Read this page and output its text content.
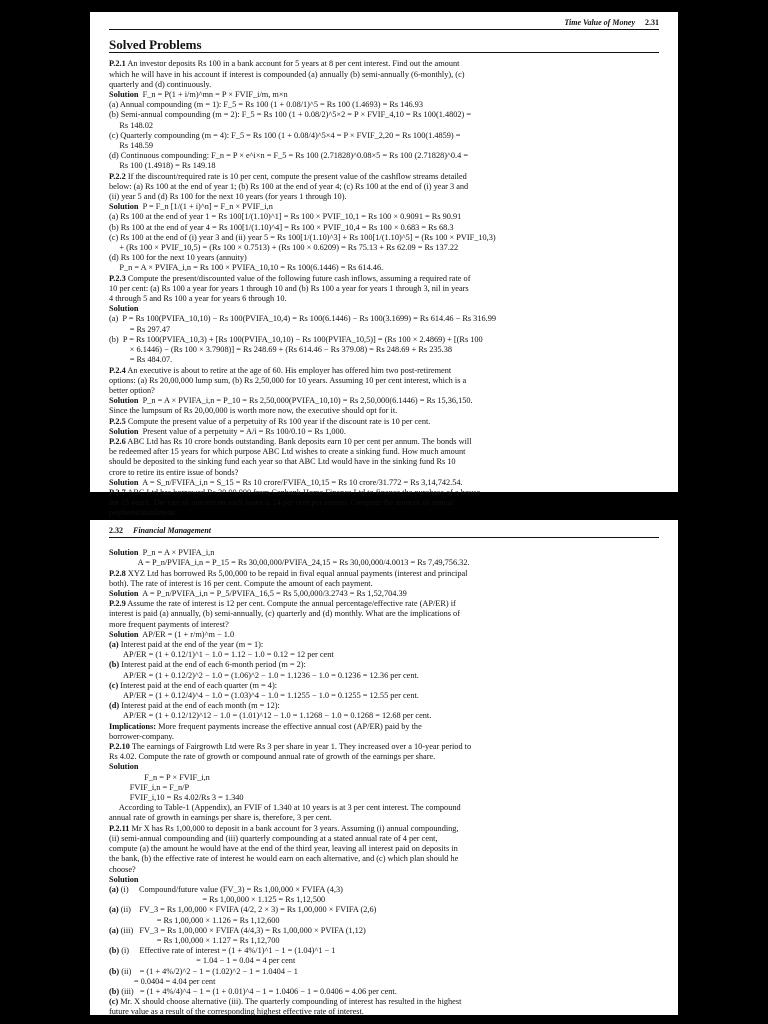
Time Value of Money 2.31
Solved Problems
P.2.1 An investor deposits Rs 100 in a bank account for 5 years at 8 per cent interest. Find out the amount
which he will have in his account if interest is compounded (a) annually (b) semi-annually (6-monthly), (c)
quarterly and (d) continuously.
Solution  F_n = P(1 + i/m)^mn = P × FVIF_i/m, m×n
(a) Annual compounding (m = 1): F_5 = Rs 100 (1 + 0.08/1)^5 = Rs 100 (1.4693) = Rs 146.93
(b) Semi-annual compounding (m = 2): F_5 = Rs 100 (1 + 0.08/2)^5×2 = P × FVIF_4,10 = Rs 100(1.4802) =
Rs 148.02
(c) Quarterly compounding (m = 4): F_5 = Rs 100 (1 + 0.08/4)^5×4 = P × FVIF_2,20 = Rs 100(1.4859) =
Rs 148.59
(d) Continuous compounding: F_n = P × e^i×n = F_5 = Rs 100 (2.71828)^0.08×5 = Rs 100 (2.71828)^0.4 =
Rs 100 (1.4918) = Rs 149.18
P.2.2 If the discount/required rate is 10 per cent, compute the present value of the cashflow streams detailed
below: (a) Rs 100 at the end of year 1; (b) Rs 100 at the end of year 4; (c) Rs 100 at the end of (i) year 3 and
(ii) year 5 and (d) Rs 100 for the next 10 years (for years 1 through 10).
Solution  P = F_n [1/(1 + i)^n] = F_n × PVIF_i,n
(a) Rs 100 at the end of year 1 = Rs 100[1/(1.10)^1] = Rs 100 × PVIF_10,1 = Rs 100 × 0.9091 = Rs 90.91
(b) Rs 100 at the end of year 4 = Rs 100[1/(1.10)^4] = Rs 100 × PVIF_10,4 = Rs 100 × 0.683 = Rs 68.3
(c) Rs 100 at the end of (i) year 3 and (ii) year 5 = Rs 100[1/(1.10)^3] + Rs 100[1/(1.10)^5] = (Rs 100 × PVIF_10,3)
+ (Rs 100 × PVIF_10,5) = (Rs 100 × 0.7513) + (Rs 100 × 0.6209) = Rs 75.13 + Rs 62.09 = Rs 137.22
(d) Rs 100 for the next 10 years (annuity)
P_n = A × PVIFA_i,n = Rs 100 × PVIFA_10,10 = Rs 100(6.1446) = Rs 614.46.
P.2.3 Compute the present/discounted value of the following future cash inflows, assuming a required rate of
10 per cent: (a) Rs 100 a year for years 1 through 10 and (b) Rs 100 a year for years 1 through 3, nil in years
4 through 5 and Rs 100 a year for years 6 through 10.
Solution
(a)  P = Rs 100(PVIFA_10,10) − Rs 100(PVIFA_10,4) = Rs 100(6.1446) − Rs 100(3.1699) = Rs 614.46 − Rs 316.99
= Rs 297.47
(b)  P = Rs 100(PVIFA_10,3) + [Rs 100(PVIFA_10,10) − Rs 100(PVIFA_10,5)] = (Rs 100 × 2.4869) + [(Rs 100
× 6.1446) − (Rs 100 × 3.7908)] = Rs 248.69 + (Rs 614.46 − Rs 379.08) = Rs 248.69 + Rs 235.38
= Rs 484.07.
P.2.4 An executive is about to retire at the age of 60. His employer has offered him two post-retirement
options: (a) Rs 20,00,000 lump sum, (b) Rs 2,50,000 for 10 years. Assuming 10 per cent interest, which is a
better option?
Solution  P_n = A × PVIFA_i,n = P_10 = Rs 2,50,000(PVIFA_10,10) = Rs 2,50,000(6.1446) = Rs 15,36,150.
Since the lumpsum of Rs 20,00,000 is worth more now, the executive should opt for it.
P.2.5 Compute the present value of a perpetuity of Rs 100 year if the discount rate is 10 per cent.
Solution  Present value of a perpetuity = A/i = Rs 100/0.10 = Rs 1,000.
P.2.6 ABC Ltd has Rs 10 crore bonds outstanding. Bank deposits earn 10 per cent per annum. The bonds will
be redeemed after 15 years for which purpose ABC Ltd wishes to create a sinking fund. How much amount
should be deposited to the sinking fund each year so that ABC Ltd would have in the sinking fund Rs 10
crore to retire its entire issue of bonds?
Solution  A = S_n/FVIFA_i,n = S_15 = Rs 10 crore/FVIFA_10,15 = Rs 10 crore/31.772 = Rs 3,14,742.54.
P.2.7 ABC Ltd has borrowed Rs 30,00,000 from Canbank Home Finance Ltd to finance the purchase of a house
for 15 years. The rate of interest on such loans is 24 per cent per annum. Compute the amount of annual
payment/instalment.
2.32 Financial Management
Solution  P_n = A × PVIFA_i,n
A = P_n/PVIFA_i,n = P_15 = Rs 30,00,000/PVIFA_24,15 = Rs 30,00,000/4.0013 = Rs 7,49,756.32.
P.2.8 XYZ Ltd has borrowed Rs 5,00,000 to be repaid in fival equal annual payments (interest and principal
both). The rate of interest is 16 per cent. Compute the amount of each payment.
Solution  A = P_n/PVIFA_i,n = P_5/PVIFA_16,5 = Rs 5,00,000/3.2743 = Rs 1,52,704.39
P.2.9 Assume the rate of interest is 12 per cent. Compute the annual percentage/effective rate (AP/ER) if
interest is paid (a) annually, (b) semi-annually, (c) quarterly and (d) monthly. What are the implications of
more frequent payments of interest?
Solution  AP/ER = (1 + r/m)^m − 1.0
(a) Interest paid at the end of the year (m = 1):
AP/ER = (1 + 0.12/1)^1 − 1.0 = 1.12 − 1.0 = 0.12 = 12 per cent
(b) Interest paid at the end of each 6-month period (m = 2):
AP/ER = (1 + 0.12/2)^2 − 1.0 = (1.06)^2 − 1.0 = 1.1236 − 1.0 = 0.1236 = 12.36 per cent.
(c) Interest paid at the end of each quarter (m = 4):
AP/ER = (1 + 0.12/4)^4 − 1.0 = (1.03)^4 − 1.0 = 1.1255 − 1.0 = 0.1255 = 12.55 per cent.
(d) Interest paid at the end of each month (m = 12):
AP/ER = (1 + 0.12/12)^12 − 1.0 = (1.01)^12 − 1.0 = 1.1268 − 1.0 = 0.1268 = 12.68 per cent.
Implications: More frequent payments increase the effective annual cost (AP/ER) paid by the
borrower-company.
P.2.10 The earnings of Fairgrowth Ltd were Rs 3 per share in year 1. They increased over a 10-year period to
Rs 4.02. Compute the rate of growth or compound annual rate of growth of the earnings per share.
Solution
F_n = P × FVIF_i,n
FVIF_i,n = F_n/P
FVIF_i,10 = Rs 4.02/Rs 3 = 1.340
According to Table-1 (Appendix), an FVIF of 1.340 at 10 years is at 3 per cent interest. The compound
annual rate of growth in earnings per share is, therefore, 3 per cent.
P.2.11 Mr X has Rs 1,00,000 to deposit in a bank account for 3 years. Assuming (i) annual compounding,
(ii) semi-annual compounding and (iii) quarterly compounding at a stated annual rate of 4 per cent,
compute (a) the amount he would have at the end of the third year, leaving all interest paid on deposits in
the bank, (b) the effective rate of interest he would earn on each alternative, and (c) which plan should he
choose?
Solution
(a) (i)     Compound/future value (FV_3) = Rs 1,00,000 × FVIFA (4,3)
= Rs 1,00,000 × 1.125 = Rs 1,12,500
(a) (ii)    FV_3 = Rs 1,00,000 × FVIFA (4/2, 2 × 3) = Rs 1,00,000 × FVIFA (2,6)
= Rs 1,00,000 × 1.126 = Rs 1,12,600
(a) (iii)   FV_3 = Rs 1,00,000 × FVIFA (4/4,3) = Rs 1,00,000 × PVIFA (1,12)
= Rs 1,00,000 × 1.127 = Rs 1,12,700
(b) (i)     Effective rate of interest = (1 + 4%/1)^1 − 1 = (1.04)^1 − 1
= 1.04 − 1 = 0.04 = 4 per cent
(b) (ii)    = (1 + 4%/2)^2 − 1 = (1.02)^2 − 1 = 1.0404 − 1
= 0.0404 = 4.04 per cent
(b) (iii)   = (1 + 4%/4)^4 − 1 = (1 + 0.01)^4 − 1 = 1.0406 − 1 = 0.0406 = 4.06 per cent.
(c) Mr. X should choose alternative (iii). The quarterly compounding of interest has resulted in the highest
future value as a result of the corresponding highest effective rate of interest.
